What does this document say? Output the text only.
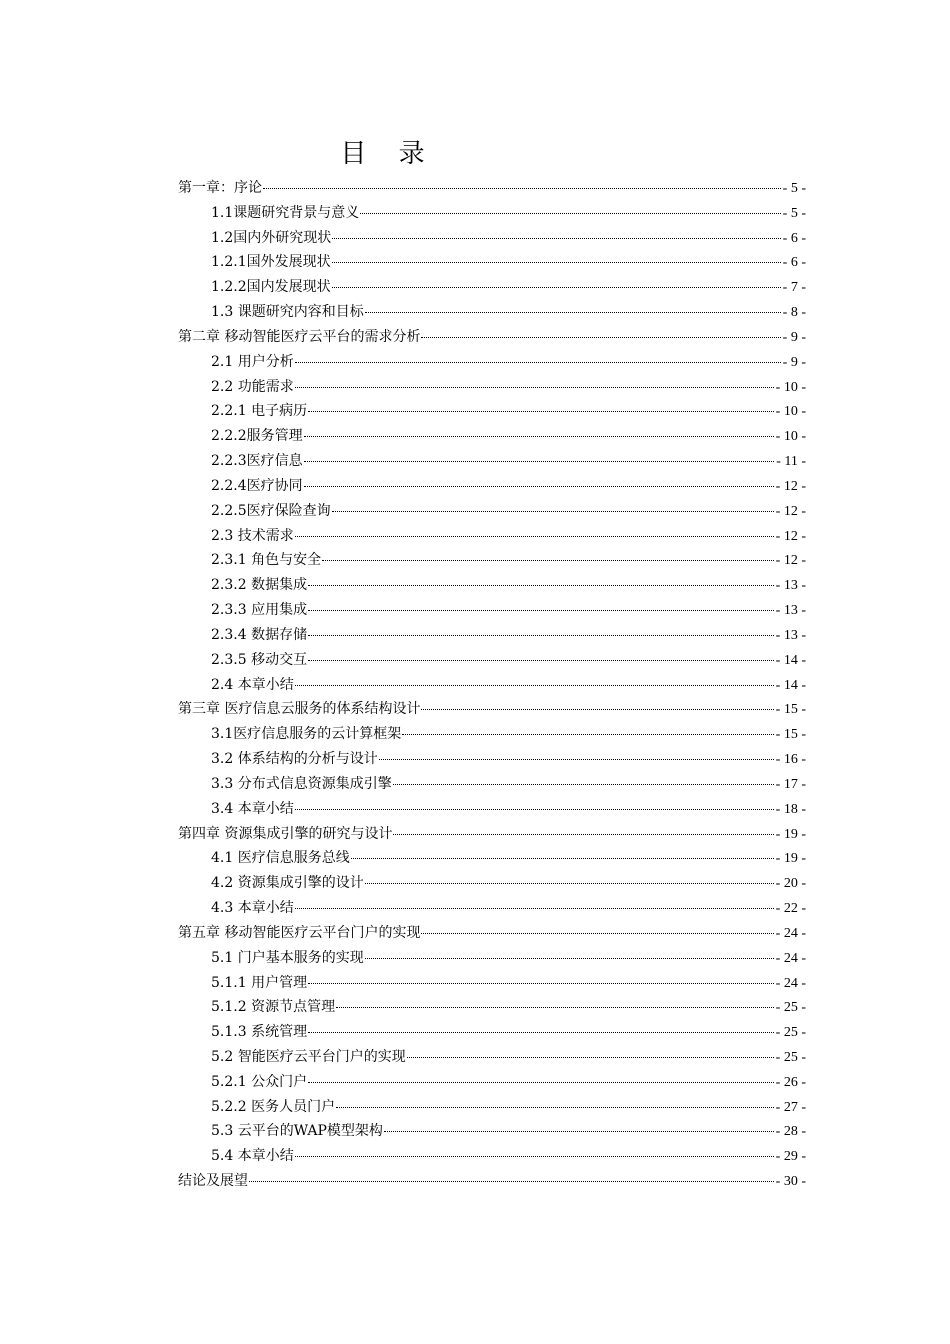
目 录
第一章：序论	- 5 -
1.1课题研究背景与意义	- 5 -
1.2国内外研究现状	- 6 -
1.2.1国外发展现状	- 6 -
1.2.2国内发展现状	- 7 -
1.3 课题研究内容和目标	- 8 -
第二章 移动智能医疗云平台的需求分析	- 9 -
2.1 用户分析	- 9 -
2.2 功能需求	- 10 -
2.2.1 电子病历	- 10 -
2.2.2服务管理	- 10 -
2.2.3医疗信息	- 11 -
2.2.4医疗协同	- 12 -
2.2.5医疗保险查询	- 12 -
2.3 技术需求	- 12 -
2.3.1 角色与安全	- 12 -
2.3.2 数据集成	- 13 -
2.3.3 应用集成	- 13 -
2.3.4 数据存储	- 13 -
2.3.5 移动交互	- 14 -
2.4 本章小结	- 14 -
第三章 医疗信息云服务的体系结构设计	- 15 -
3.1医疗信息服务的云计算框架	- 15 -
3.2 体系结构的分析与设计	- 16 -
3.3 分布式信息资源集成引擎	- 17 -
3.4 本章小结	- 18 -
第四章 资源集成引擎的研究与设计	- 19 -
4.1 医疗信息服务总线	- 19 -
4.2 资源集成引擎的设计	- 20 -
4.3 本章小结	- 22 -
第五章 移动智能医疗云平台门户的实现	- 24 -
5.1 门户基本服务的实现	- 24 -
5.1.1 用户管理	- 24 -
5.1.2 资源节点管理	- 25 -
5.1.3 系统管理	- 25 -
5.2 智能医疗云平台门户的实现	- 25 -
5.2.1 公众门户	- 26 -
5.2.2 医务人员门户	- 27 -
5.3 云平台的WAP模型架构	- 28 -
5.4 本章小结	- 29 -
结论及展望	- 30 -
